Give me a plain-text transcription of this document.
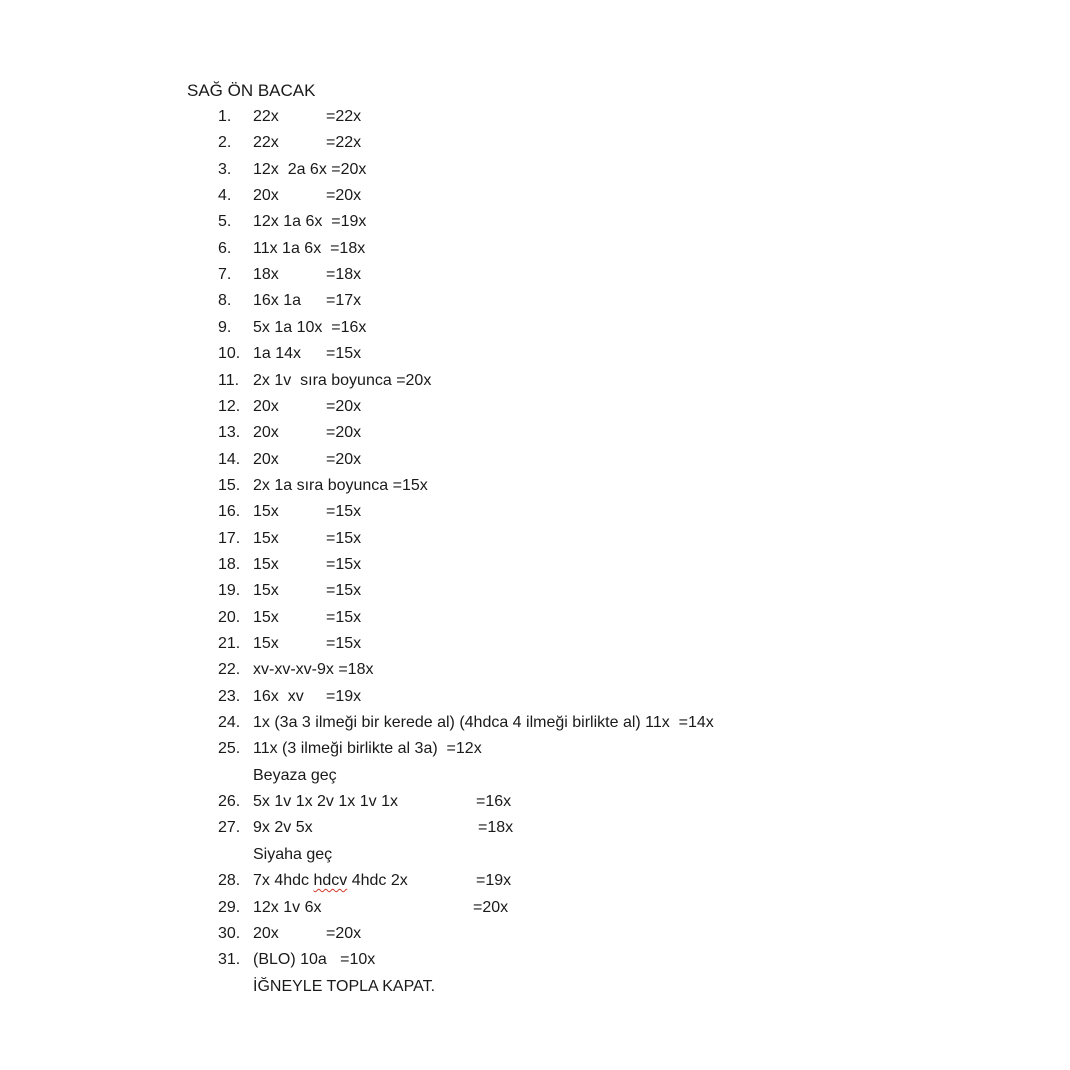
SAĞ ÖN BACAK
1. 22x	=22x
2. 22x	=22x
3. 12x  2a 6x =20x
4. 20x	=20x
5. 12x 1a 6x  =19x
6. 11x 1a 6x  =18x
7. 18x	=18x
8. 16x 1a =17x
9. 5x 1a 10x  =16x
10. 1a 14x =15x
11. 2x 1v  sıra boyunca =20x
12. 20x	=20x
13. 20x	=20x
14. 20x	=20x
15. 2x 1a sıra boyunca =15x
16. 15x	=15x
17. 15x	=15x
18. 15x	=15x
19. 15x	=15x
20. 15x	=15x
21. 15x	=15x
22. xv-xv-xv-9x =18x
23. 16x  xv =19x
24. 1x (3a 3 ilmeği bir kerede al) (4hdca 4 ilmeği birlikte al) 11x  =14x
25. 11x (3 ilmeği birlikte al 3a)  =12x
Beyaza geç
26. 5x 1v 1x 2v 1x 1v 1x	=16x
27. 9x 2v 5x	=18x
Siyaha geç
28. 7x 4hdc hdcv 4hdc 2x	=19x
29. 12x 1v 6x	=20x
30. 20x	=20x
31. (BLO) 10a   =10x
İĞNEYLE TOPLA KAPAT.
